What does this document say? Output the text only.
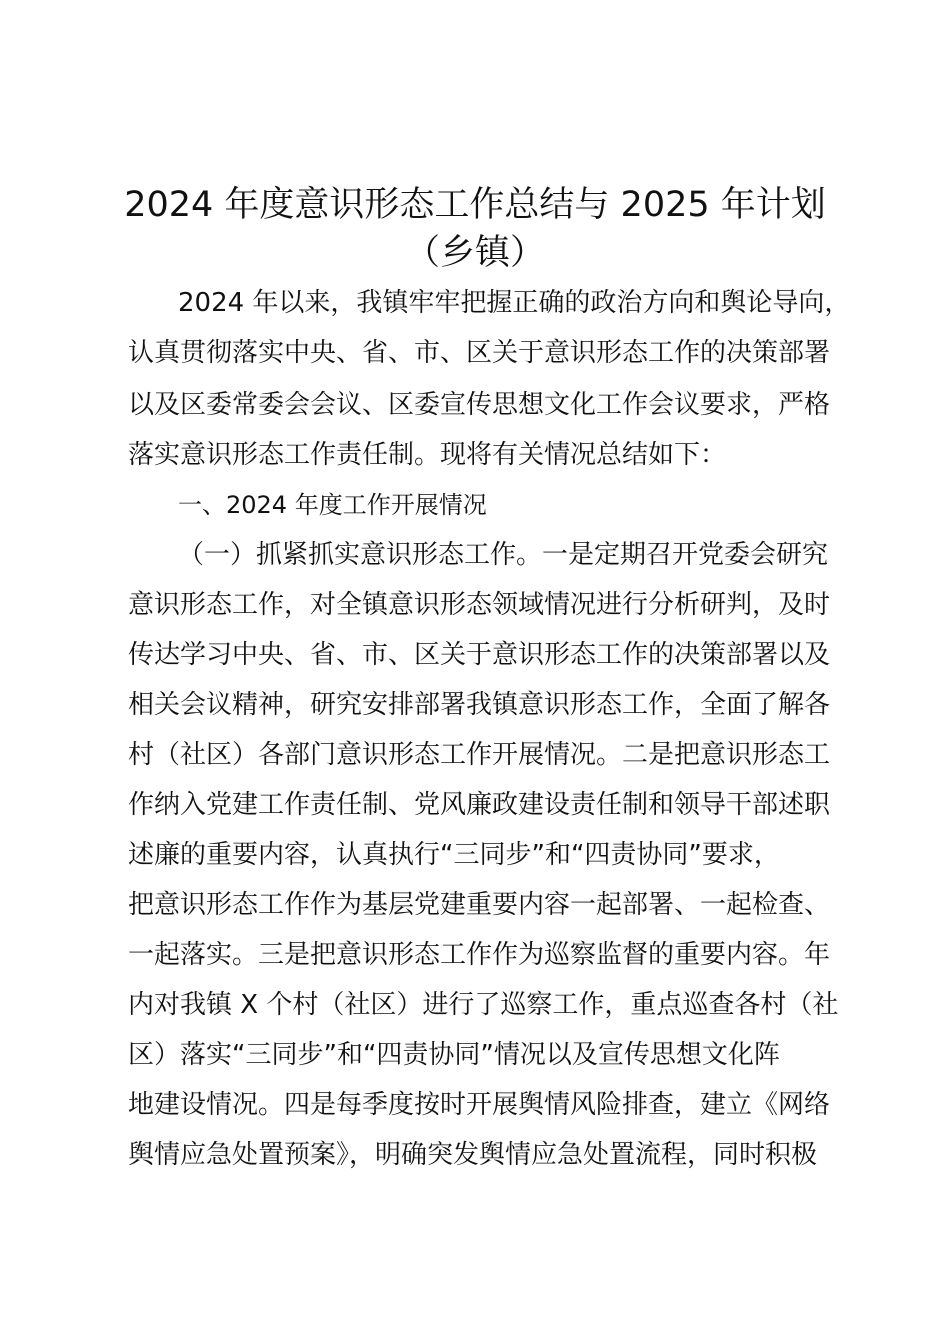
2024 年度意识形态工作总结与 2025 年计划
（乡镇）
2024 年以来，我镇牢牢把握正确的政治方向和舆论导向，
认真贯彻落实中央、省、市、区关于意识形态工作的决策部署
以及区委常委会会议、区委宣传思想文化工作会议要求，严格
落实意识形态工作责任制。现将有关情况总结如下：
一、2024 年度工作开展情况
（一）抓紧抓实意识形态工作。一是定期召开党委会研究
意识形态工作，对全镇意识形态领域情况进行分析研判，及时
传达学习中央、省、市、区关于意识形态工作的决策部署以及
相关会议精神，研究安排部署我镇意识形态工作，全面了解各
村（社区）各部门意识形态工作开展情况。二是把意识形态工
作纳入党建工作责任制、党风廉政建设责任制和领导干部述职
述廉的重要内容，认真执行“三同步”和“四责协同”要求，
把意识形态工作作为基层党建重要内容一起部署、一起检查、
一起落实。三是把意识形态工作作为巡察监督的重要内容。年
内对我镇 X 个村（社区）进行了巡察工作，重点巡查各村（社
区）落实“三同步”和“四责协同”情况以及宣传思想文化阵
地建设情况。四是每季度按时开展舆情风险排查，建立《网络
舆情应急处置预案》，明确突发舆情应急处置流程，同时积极
